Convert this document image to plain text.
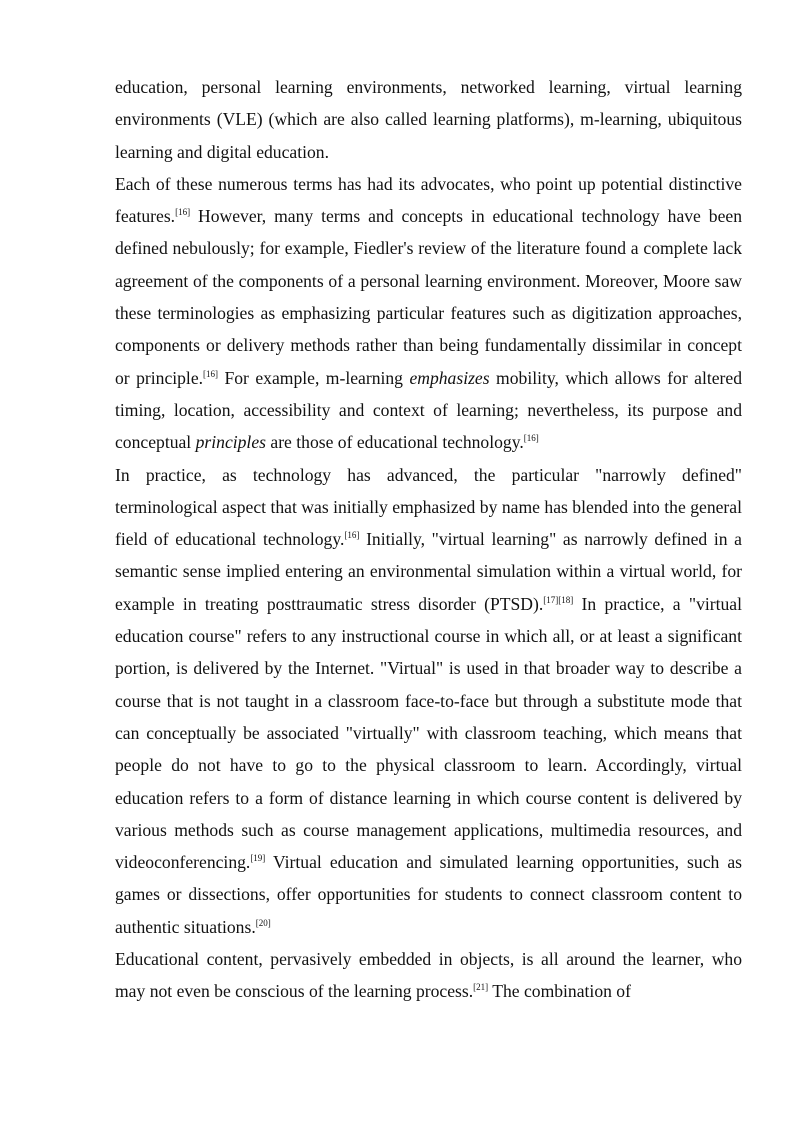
education, personal learning environments, networked learning, virtual learning environments (VLE) (which are also called learning platforms), m-learning, ubiquitous learning and digital education.

Each of these numerous terms has had its advocates, who point up potential distinctive features.[16] However, many terms and concepts in educational technology have been defined nebulously; for example, Fiedler's review of the literature found a complete lack agreement of the components of a personal learning environment. Moreover, Moore saw these terminologies as emphasizing particular features such as digitization approaches, components or delivery methods rather than being fundamentally dissimilar in concept or principle.[16] For example, m-learning emphasizes mobility, which allows for altered timing, location, accessibility and context of learning; nevertheless, its purpose and conceptual principles are those of educational technology.[16]

In practice, as technology has advanced, the particular "narrowly defined" terminological aspect that was initially emphasized by name has blended into the general field of educational technology.[16] Initially, "virtual learning" as narrowly defined in a semantic sense implied entering an environmental simulation within a virtual world, for example in treating posttraumatic stress disorder (PTSD).[17][18] In practice, a "virtual education course" refers to any instructional course in which all, or at least a significant portion, is delivered by the Internet. "Virtual" is used in that broader way to describe a course that is not taught in a classroom face-to-face but through a substitute mode that can conceptually be associated "virtually" with classroom teaching, which means that people do not have to go to the physical classroom to learn. Accordingly, virtual education refers to a form of distance learning in which course content is delivered by various methods such as course management applications, multimedia resources, and videoconferencing.[19] Virtual education and simulated learning opportunities, such as games or dissections, offer opportunities for students to connect classroom content to authentic situations.[20]

Educational content, pervasively embedded in objects, is all around the learner, who may not even be conscious of the learning process.[21] The combination of
